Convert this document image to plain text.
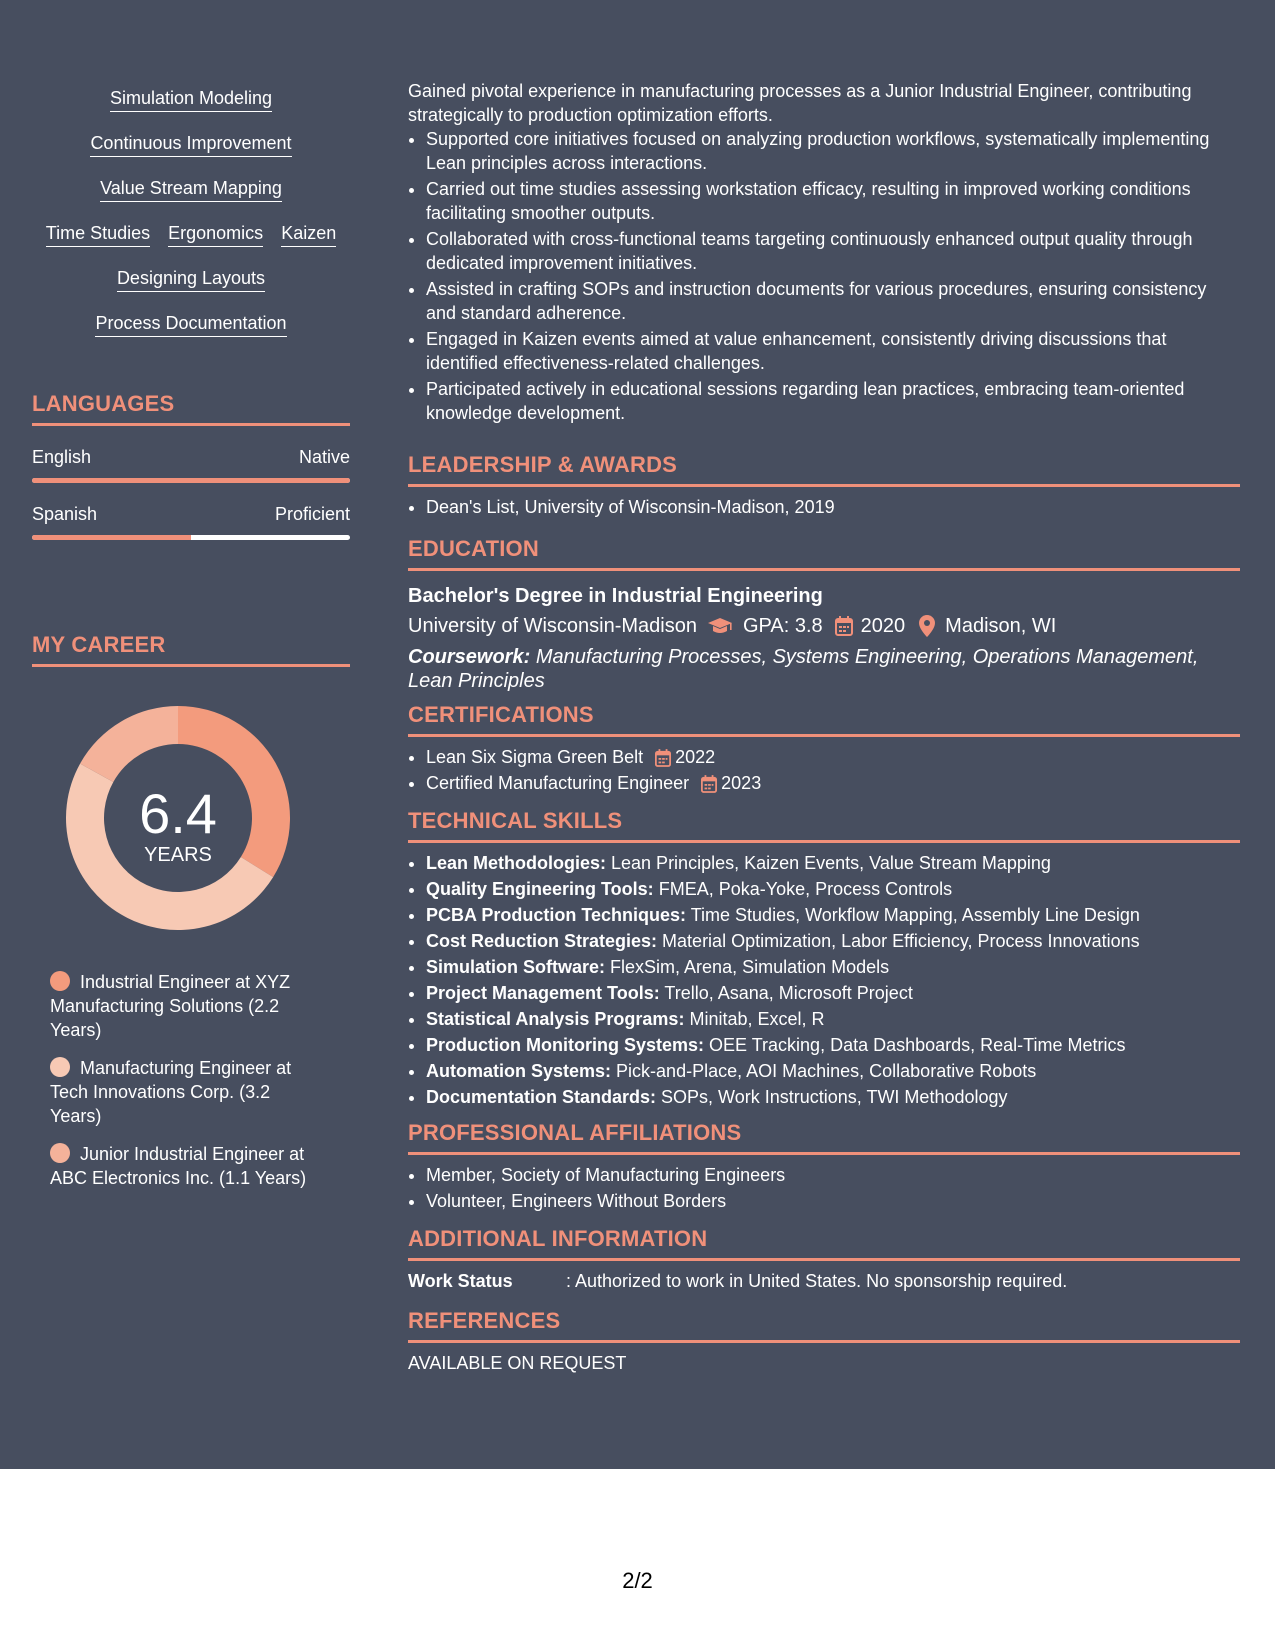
Simulation Modeling
Continuous Improvement
Value Stream Mapping
Time Studies Ergonomics Kaizen
Designing Layouts
Process Documentation
LANGUAGES
English	Native
Spanish	Proficient
MY CAREER
6.4
YEARS
Industrial Engineer at XYZ Manufacturing Solutions (2.2 Years)
Manufacturing Engineer at Tech Innovations Corp. (3.2 Years)
Junior Industrial Engineer at ABC Electronics Inc. (1.1 Years)
Gained pivotal experience in manufacturing processes as a Junior Industrial Engineer, contributing strategically to production optimization efforts.
• Supported core initiatives focused on analyzing production workflows, systematically implementing Lean principles across interactions.
• Carried out time studies assessing workstation efficacy, resulting in improved working conditions facilitating smoother outputs.
• Collaborated with cross-functional teams targeting continuously enhanced output quality through dedicated improvement initiatives.
• Assisted in crafting SOPs and instruction documents for various procedures, ensuring consistency and standard adherence.
• Engaged in Kaizen events aimed at value enhancement, consistently driving discussions that identified effectiveness-related challenges.
• Participated actively in educational sessions regarding lean practices, embracing team-oriented knowledge development.
LEADERSHIP & AWARDS
• Dean's List, University of Wisconsin-Madison, 2019
EDUCATION
Bachelor's Degree in Industrial Engineering
University of Wisconsin-Madison GPA: 3.8 2020 Madison, WI
Coursework: Manufacturing Processes, Systems Engineering, Operations Management, Lean Principles
CERTIFICATIONS
• Lean Six Sigma Green Belt 2022
• Certified Manufacturing Engineer 2023
TECHNICAL SKILLS
• Lean Methodologies: Lean Principles, Kaizen Events, Value Stream Mapping
• Quality Engineering Tools: FMEA, Poka-Yoke, Process Controls
• PCBA Production Techniques: Time Studies, Workflow Mapping, Assembly Line Design
• Cost Reduction Strategies: Material Optimization, Labor Efficiency, Process Innovations
• Simulation Software: FlexSim, Arena, Simulation Models
• Project Management Tools: Trello, Asana, Microsoft Project
• Statistical Analysis Programs: Minitab, Excel, R
• Production Monitoring Systems: OEE Tracking, Data Dashboards, Real-Time Metrics
• Automation Systems: Pick-and-Place, AOI Machines, Collaborative Robots
• Documentation Standards: SOPs, Work Instructions, TWI Methodology
PROFESSIONAL AFFILIATIONS
• Member, Society of Manufacturing Engineers
• Volunteer, Engineers Without Borders
ADDITIONAL INFORMATION
Work Status	: Authorized to work in United States. No sponsorship required.
REFERENCES
AVAILABLE ON REQUEST
2/2
